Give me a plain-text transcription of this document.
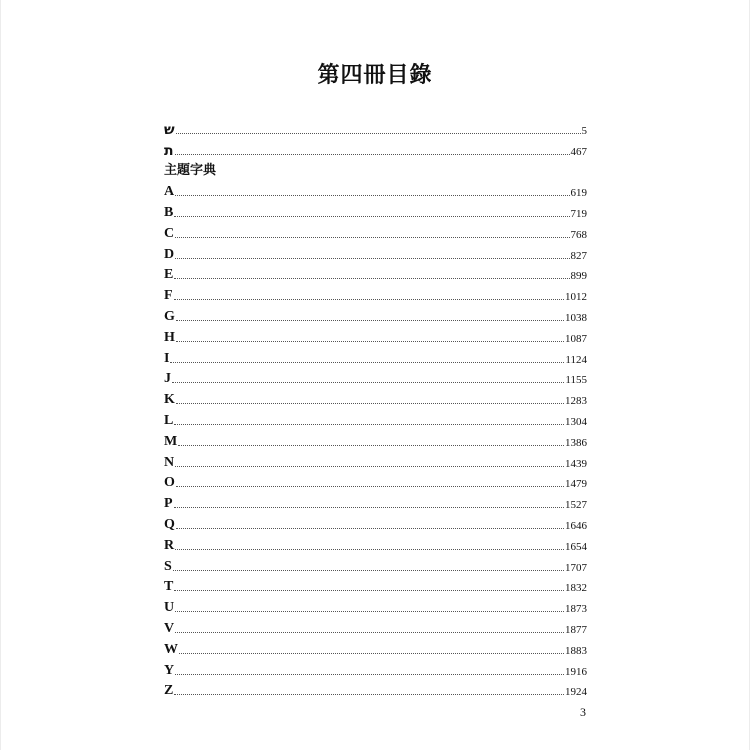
第四冊目錄
ש	5
ת	467
主題字典
A	619
B	719
C	768
D	827
E	899
F	1012
G	1038
H	1087
I	1124
J	1155
K	1283
L	1304
M	1386
N	1439
O	1479
P	1527
Q	1646
R	1654
S	1707
T	1832
U	1873
V	1877
W	1883
Y	1916
Z	1924
3
